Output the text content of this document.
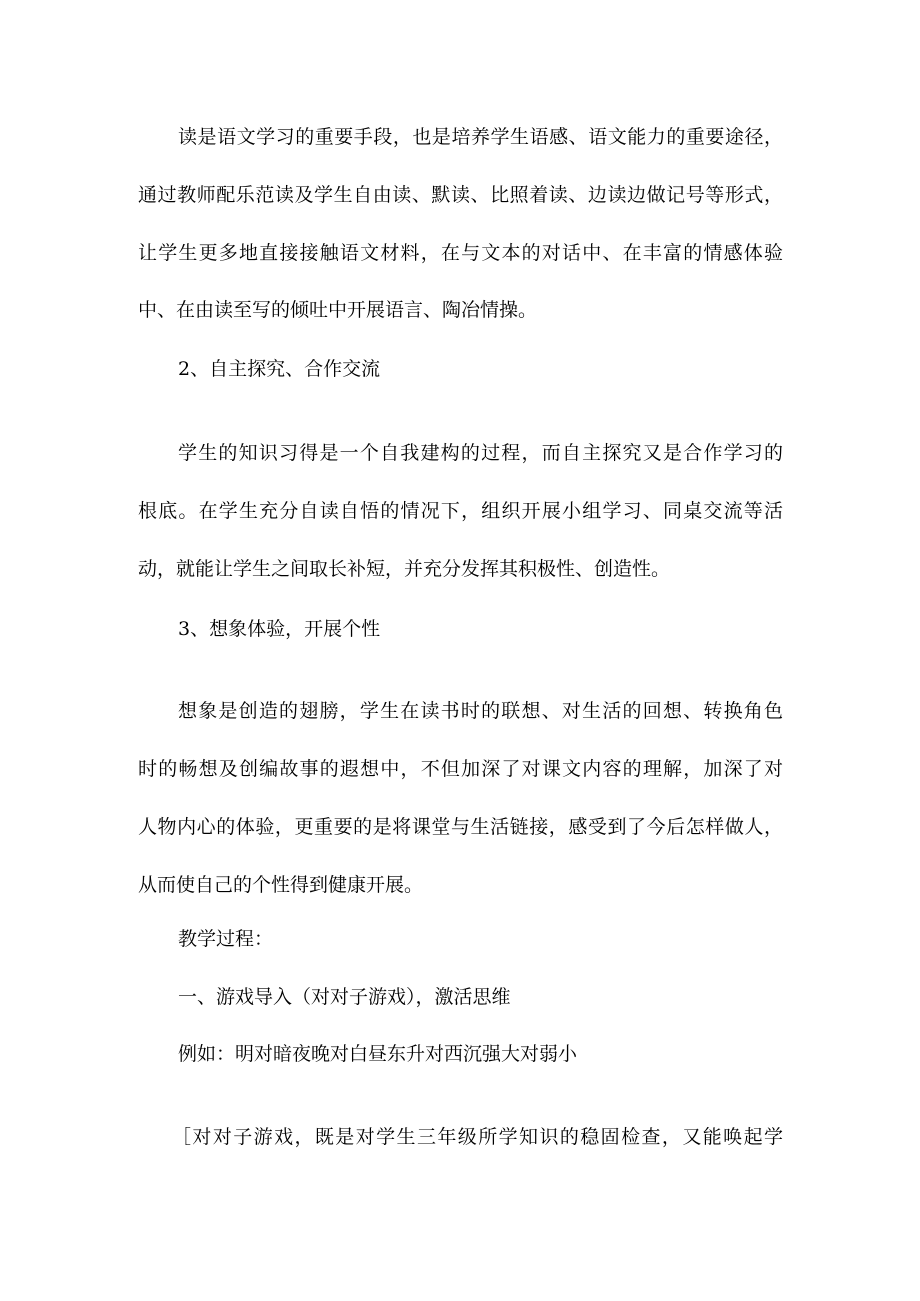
读是语文学习的重要手段，也是培养学生语感、语文能力的重要途径，
通过教师配乐范读及学生自由读、默读、比照着读、边读边做记号等形式，
让学生更多地直接接触语文材料，在与文本的对话中、在丰富的情感体验
中、在由读至写的倾吐中开展语言、陶冶情操。
2、自主探究、合作交流
学生的知识习得是一个自我建构的过程，而自主探究又是合作学习的
根底。在学生充分自读自悟的情况下，组织开展小组学习、同桌交流等活
动，就能让学生之间取长补短，并充分发挥其积极性、创造性。
3、想象体验，开展个性
想象是创造的翅膀，学生在读书时的联想、对生活的回想、转换角色
时的畅想及创编故事的遐想中，不但加深了对课文内容的理解，加深了对
人物内心的体验，更重要的是将课堂与生活链接，感受到了今后怎样做人，
从而使自己的个性得到健康开展。
教学过程：
一、游戏导入（对对子游戏），激活思维
例如：明对暗夜晚对白昼东升对西沉强大对弱小
［对对子游戏，既是对学生三年级所学知识的稳固检查，又能唤起学
